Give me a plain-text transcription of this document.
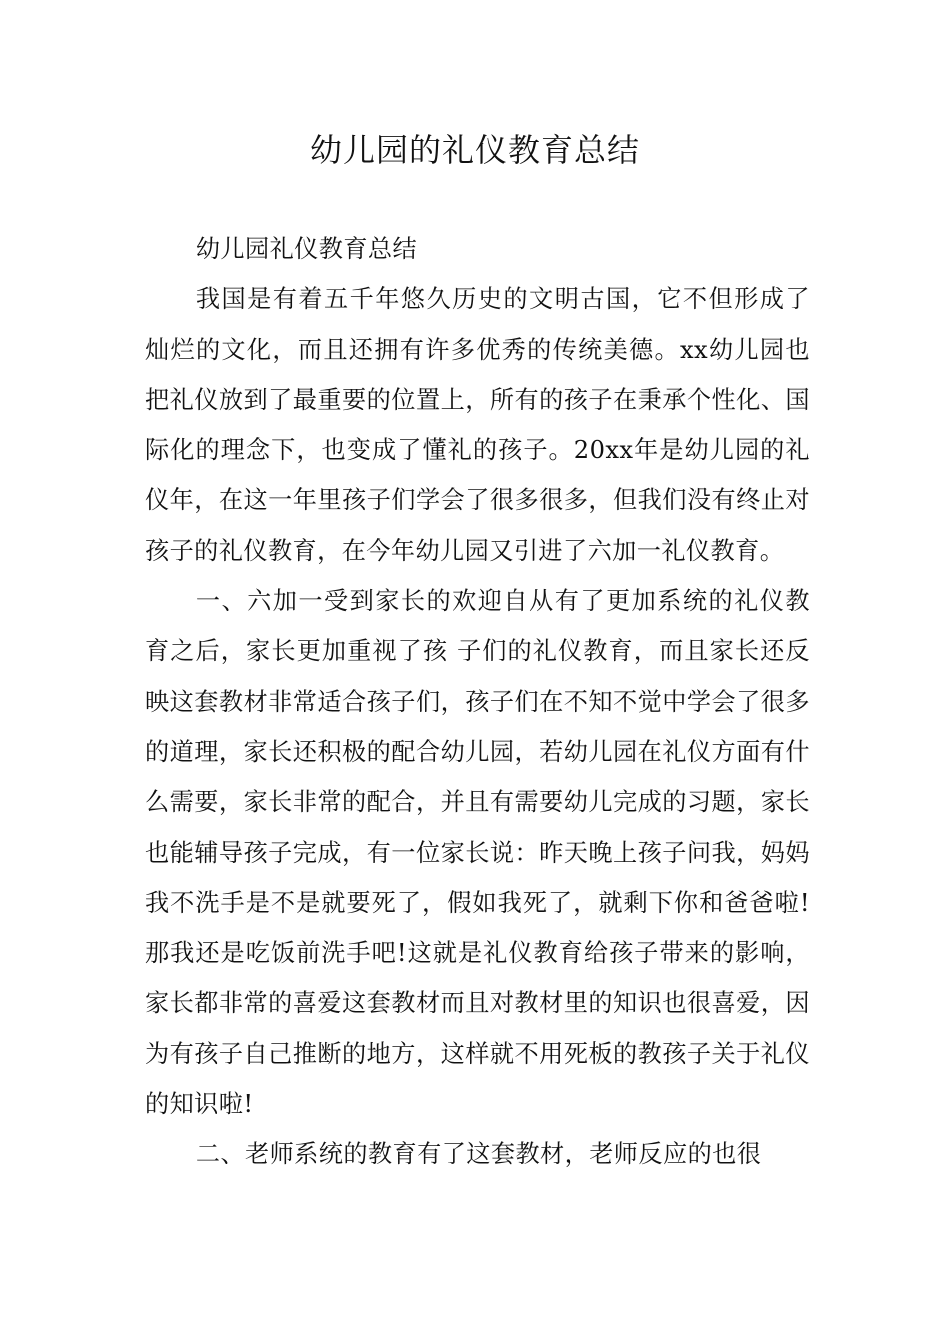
幼儿园的礼仪教育总结

幼儿园礼仪教育总结

我国是有着五千年悠久历史的文明古国，它不但形成了灿烂的文化，而且还拥有许多优秀的传统美德。xx幼儿园也把礼仪放到了最重要的位置上，所有的孩子在秉承个性化、国际化的理念下，也变成了懂礼的孩子。20xx年是幼儿园的礼仪年，在这一年里孩子们学会了很多很多，但我们没有终止对孩子的礼仪教育，在今年幼儿园又引进了六加一礼仪教育。

一、六加一受到家长的欢迎自从有了更加系统的礼仪教育之后，家长更加重视了孩 子们的礼仪教育，而且家长还反映这套教材非常适合孩子们，孩子们在不知不觉中学会了很多的道理，家长还积极的配合幼儿园，若幼儿园在礼仪方面有什么需要，家长非常的配合，并且有需要幼儿完成的习题，家长也能辅导孩子完成，有一位家长说：昨天晚上孩子问我，妈妈我不洗手是不是就要死了，假如我死了，就剩下你和爸爸啦!那我还是吃饭前洗手吧!这就是礼仪教育给孩子带来的影响，家长都非常的喜爱这套教材而且对教材里的知识也很喜爱，因为有孩子自己推断的地方，这样就不用死板的教孩子关于礼仪的知识啦!

二、老师系统的教育有了这套教材，老师反应的也很
